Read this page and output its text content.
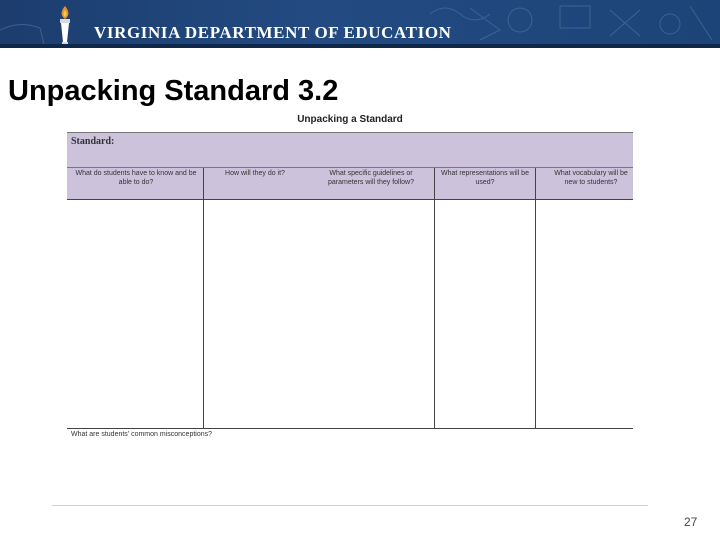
VIRGINIA DEPARTMENT OF EDUCATION
Unpacking Standard 3.2
Unpacking a Standard
Standard:
What do students have to know and be able to do?
How will they do it?	What specific guidelines or parameters will they follow?
What representations will be used?
What vocabulary will be new to students?
What are students' common misconceptions?
27
